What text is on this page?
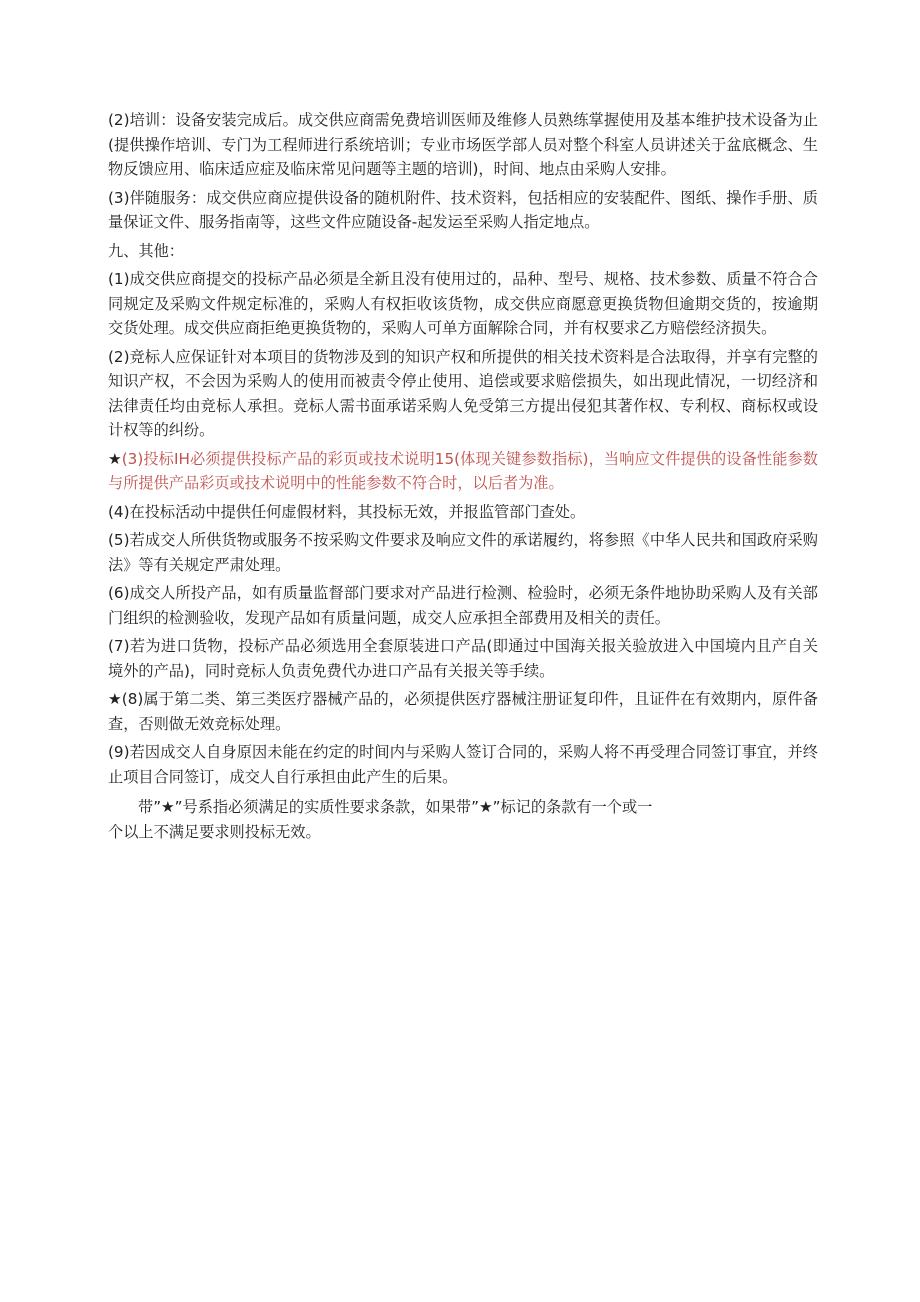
(2)培训：设备安装完成后。成交供应商需免费培训医师及维修人员熟练掌握使用及基本维护技术设备为止(提供操作培训、专门为工程师进行系统培训；专业市场医学部人员对整个科室人员讲述关于盆底概念、生物反馈应用、临床适应症及临床常见问题等主题的培训)，时间、地点由采购人安排。

(3)伴随服务：成交供应商应提供设备的随机附件、技术资料，包括相应的安装配件、图纸、操作手册、质量保证文件、服务指南等，这些文件应随设备-起发运至采购人指定地点。

九、其他：

(1)成交供应商提交的投标产品必须是全新且没有使用过的，品种、型号、规格、技术参数、质量不符合合同规定及采购文件规定标准的，采购人有权拒收该货物，成交供应商愿意更换货物但逾期交货的，按逾期交货处理。成交供应商拒绝更换货物的，采购人可单方面解除合同，并有权要求乙方赔偿经济损失。

(2)竞标人应保证针对本项目的货物涉及到的知识产权和所提供的相关技术资料是合法取得，并享有完整的知识产权，不会因为采购人的使用而被责令停止使用、追偿或要求赔偿损失，如出现此情况，一切经济和法律责任均由竞标人承担。竞标人需书面承诺采购人免受第三方提出侵犯其著作权、专利权、商标权或设计权等的纠纷。

★(3)投标IH必须提供投标产品的彩页或技术说明15(体现关键参数指标)，当响应文件提供的设备性能参数与所提供产品彩页或技术说明中的性能参数不符合时，以后者为准。

(4)在投标活动中提供任何虚假材料，其投标无效，并报监管部门查处。

(5)若成交人所供货物或服务不按采购文件要求及响应文件的承诺履约，将参照《中华人民共和国政府采购法》等有关规定严肃处理。

(6)成交人所投产品，如有质量监督部门要求对产品进行检测、检验时，必须无条件地协助采购人及有关部门组织的检测验收，发现产品如有质量问题，成交人应承担全部费用及相关的责任。

(7)若为进口货物，投标产品必须选用全套原装进口产品(即通过中国海关报关验放进入中国境内且产自关境外的产品)，同时竞标人负责免费代办进口产品有关报关等手续。

★(8)属于第二类、第三类医疗器械产品的，必须提供医疗器械注册证复印件，且证件在有效期内，原件备查，否则做无效竞标处理。

(9)若因成交人自身原因未能在约定的时间内与采购人签订合同的，采购人将不再受理合同签订事宜，并终止项目合同签订，成交人自行承担由此产生的后果。

带”★”号系指必须满足的实质性要求条款，如果带”★”标记的条款有一个或一
个以上不满足要求则投标无效。
